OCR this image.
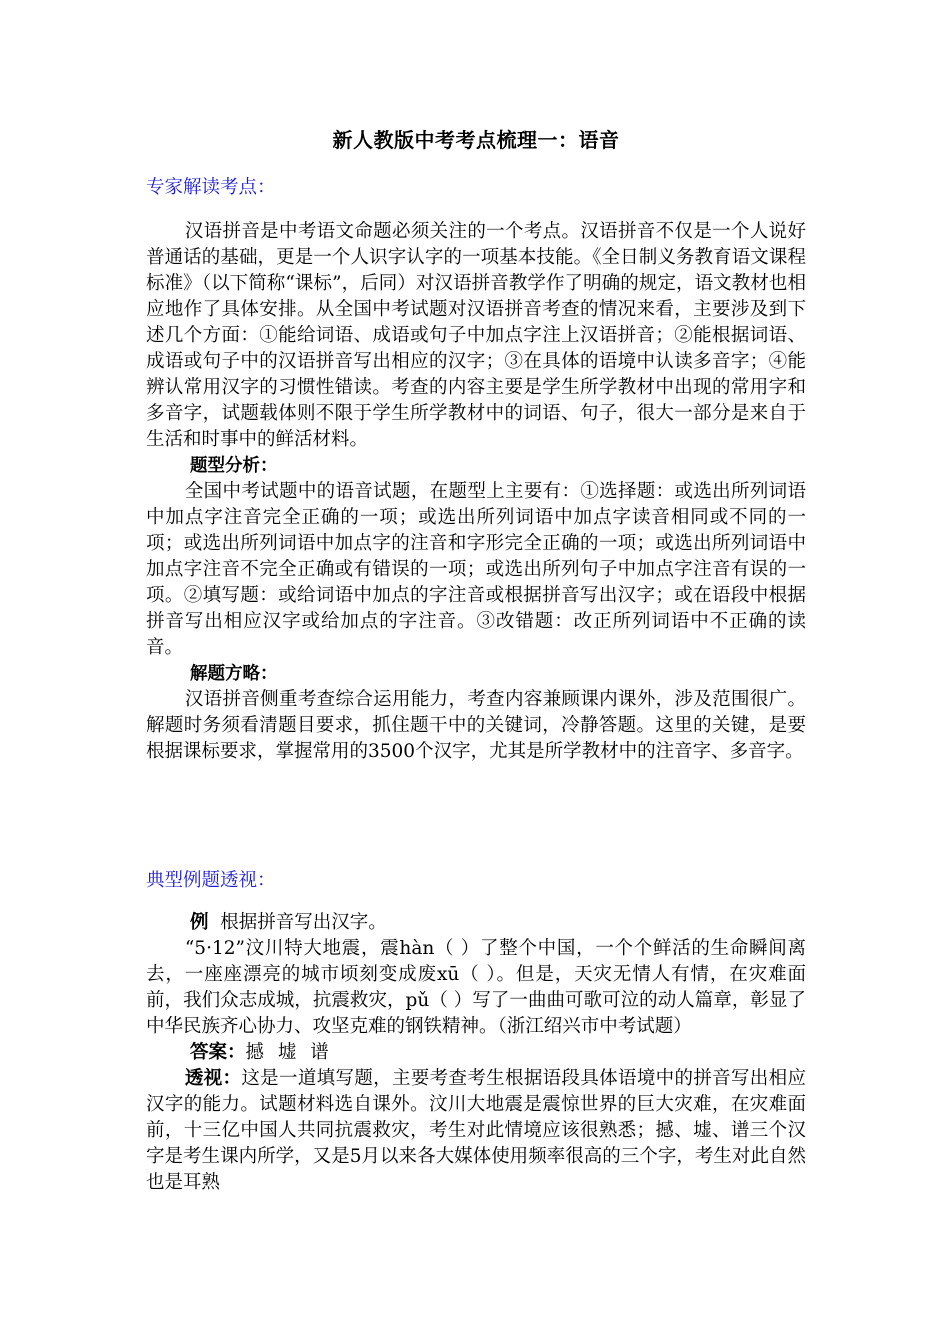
新人教版中考考点梳理一：语音
专家解读考点：

汉语拼音是中考语文命题必须关注的一个考点。汉语拼音不仅是一个人说好普通话的基础，更是一个人识字认字的一项基本技能。《全日制义务教育语文课程标准》（以下简称“课标”，后同）对汉语拼音教学作了明确的规定，语文教材也相应地作了具体安排。从全国中考试题对汉语拼音考查的情况来看，主要涉及到下述几个方面：①能给词语、成语或句子中加点字注上汉语拼音；②能根据词语、成语或句子中的汉语拼音写出相应的汉字；③在具体的语境中认读多音字；④能辨认常用汉字的习惯性错读。考查的内容主要是学生所学教材中出现的常用字和多音字，试题载体则不限于学生所学教材中的词语、句子，很大一部分是来自于生活和时事中的鲜活材料。

题型分析：

全国中考试题中的语音试题，在题型上主要有：①选择题：或选出所列词语中加点字注音完全正确的一项；或选出所列词语中加点字读音相同或不同的一项；或选出所列词语中加点字的注音和字形完全正确的一项；或选出所列词语中加点字注音不完全正确或有错误的一项；或选出所列句子中加点字注音有误的一项。②填写题：或给词语中加点的字注音或根据拼音写出汉字；或在语段中根据拼音写出相应汉字或给加点的字注音。③改错题：改正所列词语中不正确的读音。

解题方略：

汉语拼音侧重考查综合运用能力，考查内容兼顾课内课外，涉及范围很广。解题时务须看清题目要求，抓住题干中的关键词，冷静答题。这里的关键，是要根据课标要求，掌握常用的3500个汉字，尤其是所学教材中的注音字、多音字。

典型例题透视：

例 根据拼音写出汉字。

“5·12”汶川特大地震，震hàn（ ）了整个中国，一个个鲜活的生命瞬间离去，一座座漂亮的城市顷刻变成废xū（ ）。但是，天灾无情人有情，在灾难面前，我们众志成城，抗震救灾，pǔ（ ）写了一曲曲可歌可泣的动人篇章，彰显了中华民族齐心协力、攻坚克难的钢铁精神。（浙江绍兴市中考试题）

答案：撼 墟 谱

透视：这是一道填写题，主要考查考生根据语段具体语境中的拼音写出相应汉字的能力。试题材料选自课外。汶川大地震是震惊世界的巨大灾难，在灾难面前，十三亿中国人共同抗震救灾，考生对此情境应该很熟悉；撼、墟、谱三个汉字是考生课内所学，又是5月以来各大媒体使用频率很高的三个字，考生对此自然也是耳熟
